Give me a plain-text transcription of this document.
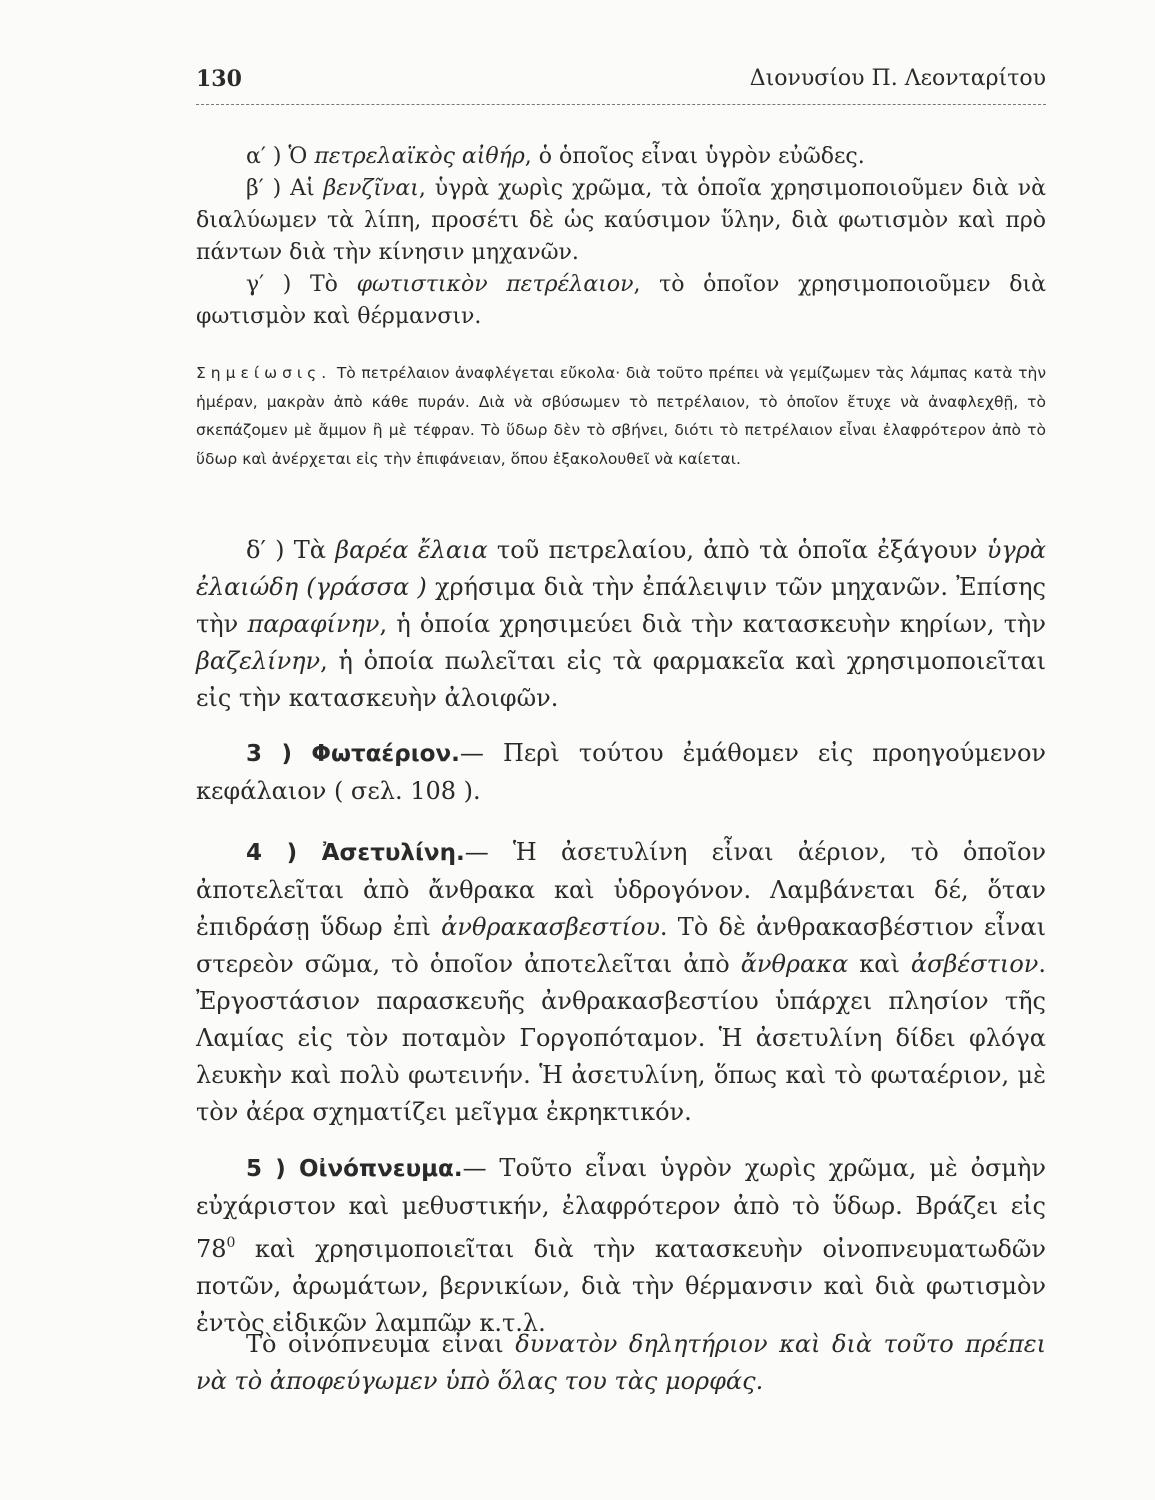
130	Διονυσίου Π. Λεονταρίτου

α′ ) Ὁ πετρελαϊκὸς αἰθήρ, ὁ ὁποῖος εἶναι ὑγρὸν εὐῶδες.

β′ ) Αἱ βενζῖναι, ὑγρὰ χωρὶς χρῶμα, τὰ ὁποῖα χρησιμοποιοῦμεν διὰ νὰ διαλύωμεν τὰ λίπη, προσέτι δὲ ὡς καύσιμον ὕλην, διὰ φωτισμὸν καὶ πρὸ πάντων διὰ τὴν κίνησιν μηχανῶν.

γ′ ) Τὸ φωτιστικὸν πετρέλαιον, τὸ ὁποῖον χρησιμοποιοῦμεν διὰ φωτισμὸν καὶ θέρμανσιν.

Σημείωσις. Τὸ πετρέλαιον ἀναφλέγεται εὔκολα· διὰ τοῦτο πρέπει νὰ γεμίζωμεν τὰς λάμπας κατὰ τὴν ἡμέραν, μακρὰν ἀπὸ κάθε πυράν. Διὰ νὰ σβύσωμεν τὸ πετρέλαιον, τὸ ὁποῖον ἔτυχε νὰ ἀναφλεχθῇ, τὸ σκεπάζομεν μὲ ἄμμον ἢ μὲ τέφραν. Τὸ ὕδωρ δὲν τὸ σβήνει, διότι τὸ πετρέλαιον εἶναι ἐλαφρότερον ἀπὸ τὸ ὕδωρ καὶ ἀνέρχεται εἰς τὴν ἐπιφάνειαν, ὅπου ἐξακολουθεῖ νὰ καίεται.

δ′ ) Τὰ βαρέα ἔλαια τοῦ πετρελαίου, ἀπὸ τὰ ὁποῖα ἐξάγουν ὑγρὰ ἐλαιώδη (γράσσα ) χρήσιμα διὰ τὴν ἐπάλειψιν τῶν μηχανῶν. Ἐπίσης τὴν παραφίνην, ἡ ὁποία χρησιμεύει διὰ τὴν κατασκευὴν κηρίων, τὴν βαζελίνην, ἡ ὁποία πωλεῖται εἰς τὰ φαρμακεῖα καὶ χρησιμοποιεῖται εἰς τὴν κατασκευὴν ἀλοιφῶν.

3 ) Φωταέριον.— Περὶ τούτου ἐμάθομεν εἰς προηγούμενον κεφάλαιον ( σελ. 108 ).

4 ) Ἀσετυλίνη.— Ἡ ἀσετυλίνη εἶναι ἀέριον, τὸ ὁποῖον ἀποτελεῖται ἀπὸ ἄνθρακα καὶ ὑδρογόνον. Λαμβάνεται δέ, ὅταν ἐπιδράσῃ ὕδωρ ἐπὶ ἀνθρακασβεστίου. Τὸ δὲ ἀνθρακασβέστιον εἶναι στερεὸν σῶμα, τὸ ὁποῖον ἀποτελεῖται ἀπὸ ἄνθρακα καὶ ἀσβέστιον. Ἐργοστάσιον παρασκευῆς ἀνθρακασβεστίου ὑπάρχει πλησίον τῆς Λαμίας εἰς τὸν ποταμὸν Γοργοπόταμον. Ἡ ἀσετυλίνη δίδει φλόγα λευκὴν καὶ πολὺ φωτεινήν. Ἡ ἀσετυλίνη, ὅπως καὶ τὸ φωταέριον, μὲ τὸν ἀέρα σχηματίζει μεῖγμα ἐκρηκτικόν.

5 ) Οἰνόπνευμα.— Τοῦτο εἶναι ὑγρὸν χωρὶς χρῶμα, μὲ ὀσμὴν εὐχάριστον καὶ μεθυστικήν, ἐλαφρότερον ἀπὸ τὸ ὕδωρ. Βράζει εἰς $78^0$ καὶ χρησιμοποιεῖται διὰ τὴν κατασκευὴν οἰνοπνευματωδῶν ποτῶν, ἀρωμάτων, βερνικίων, διὰ τὴν θέρμανσιν καὶ διὰ φωτισμὸν ἐντὸς εἰδικῶν λαμπῶν κ.τ.λ.

Τὸ οἰνόπνευμα εἶναι δυνατὸν δηλητήριον καὶ διὰ τοῦτο πρέπει νὰ τὸ ἀποφεύγωμεν ὑπὸ ὅλας του τὰς μορφάς.
